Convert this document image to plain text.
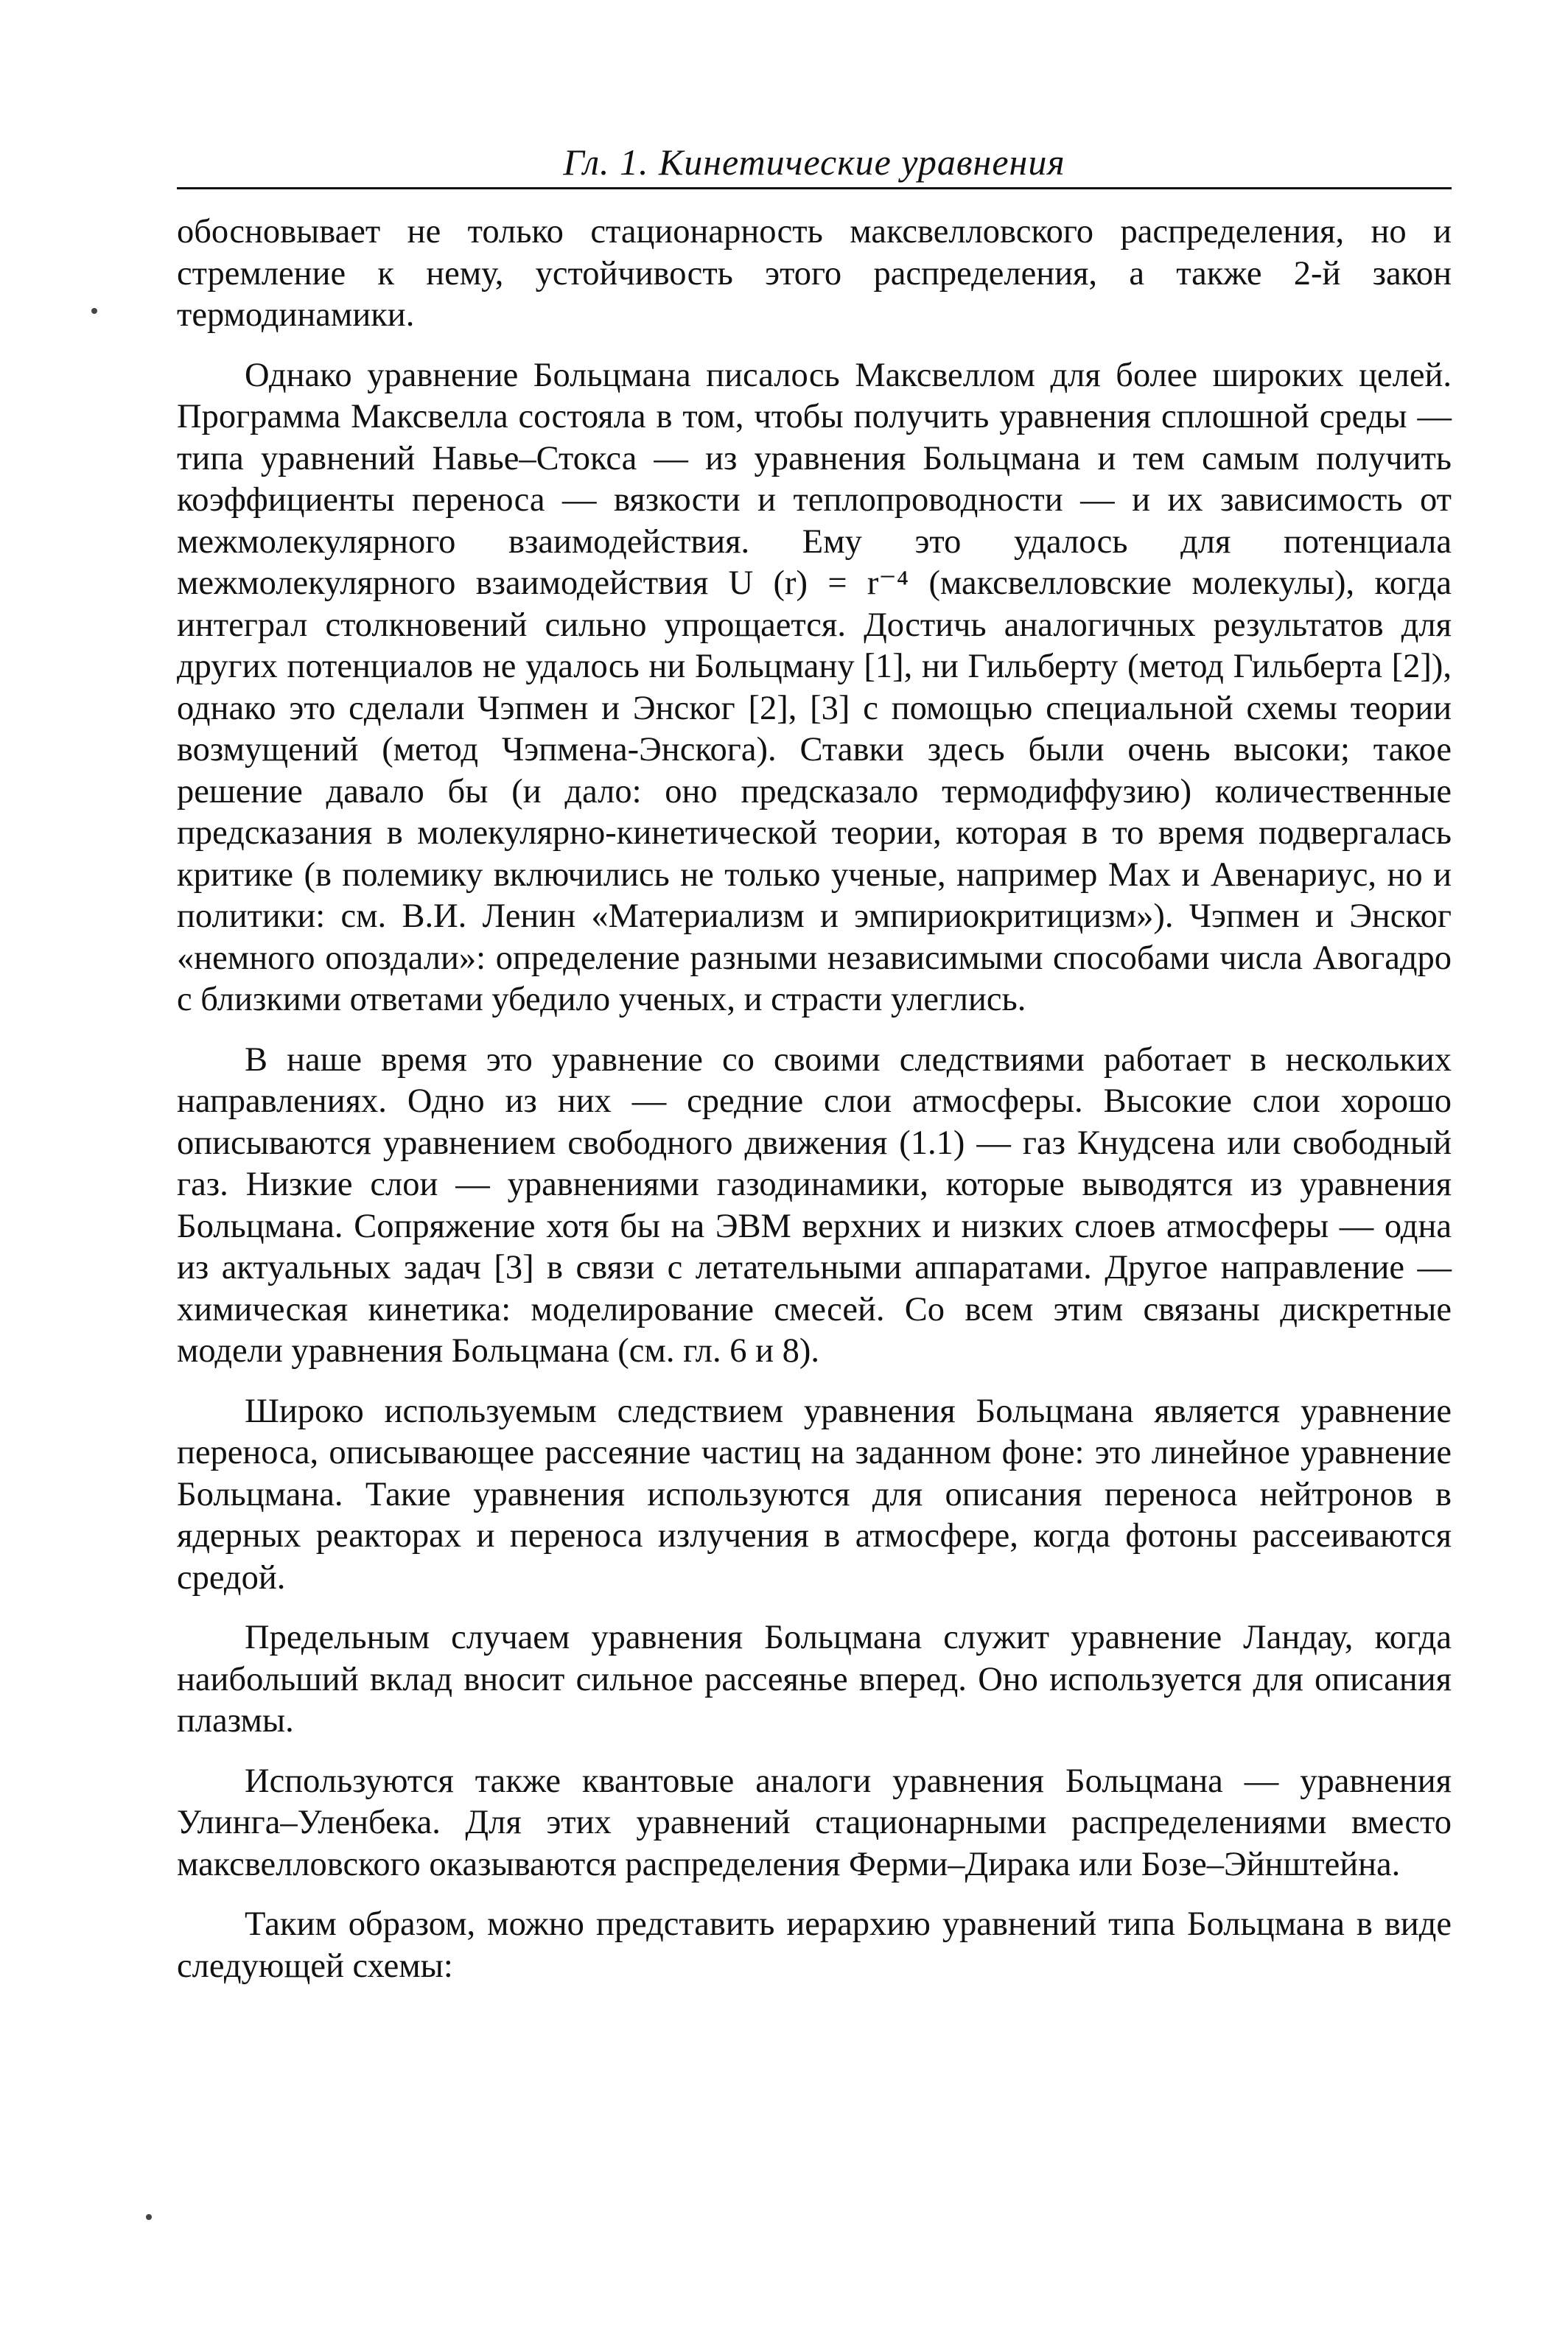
Гл. 1. Кинетические уравнения

обосновывает не только стационарность максвелловского распределения, но и стремление к нему, устойчивость этого распределения, а также 2-й закон термодинамики.

Однако уравнение Больцмана писалось Максвеллом для более широких целей. Программа Максвелла состояла в том, чтобы получить уравнения сплошной среды — типа уравнений Навье–Стокса — из уравнения Больцмана и тем самым получить коэффициенты переноса — вязкости и теплопроводности — и их зависимость от межмолекулярного взаимодействия. Ему это удалось для потенциала межмолекулярного взаимодействия U (r) = r⁻⁴ (максвелловские молекулы), когда интеграл столкновений сильно упрощается. Достичь аналогичных результатов для других потенциалов не удалось ни Больцману [1], ни Гильберту (метод Гильберта [2]), однако это сделали Чэпмен и Энског [2], [3] с помощью специальной схемы теории возмущений (метод Чэпмена-Энскога). Ставки здесь были очень высоки; такое решение давало бы (и дало: оно предсказало термодиффузию) количественные предсказания в молекулярно-кинетической теории, которая в то время подвергалась критике (в полемику включились не только ученые, например Мах и Авенариус, но и политики: см. В.И. Ленин «Материализм и эмпириокритицизм»). Чэпмен и Энског «немного опоздали»: определение разными независимыми способами числа Авогадро с близкими ответами убедило ученых, и страсти улеглись.

В наше время это уравнение со своими следствиями работает в нескольких направлениях. Одно из них — средние слои атмосферы. Высокие слои хорошо описываются уравнением свободного движения (1.1) — газ Кнудсена или свободный газ. Низкие слои — уравнениями газодинамики, которые выводятся из уравнения Больцмана. Сопряжение хотя бы на ЭВМ верхних и низких слоев атмосферы — одна из актуальных задач [3] в связи с летательными аппаратами. Другое направление — химическая кинетика: моделирование смесей. Со всем этим связаны дискретные модели уравнения Больцмана (см. гл. 6 и 8).

Широко используемым следствием уравнения Больцмана является уравнение переноса, описывающее рассеяние частиц на заданном фоне: это линейное уравнение Больцмана. Такие уравнения используются для описания переноса нейтронов в ядерных реакторах и переноса излучения в атмосфере, когда фотоны рассеиваются средой.

Предельным случаем уравнения Больцмана служит уравнение Ландау, когда наибольший вклад вносит сильное рассеянье вперед. Оно используется для описания плазмы.

Используются также квантовые аналоги уравнения Больцмана — уравнения Улинга–Уленбека. Для этих уравнений стационарными распределениями вместо максвелловского оказываются распределения Ферми–Дирака или Бозе–Эйнштейна.

Таким образом, можно представить иерархию уравнений типа Больцмана в виде следующей схемы:
